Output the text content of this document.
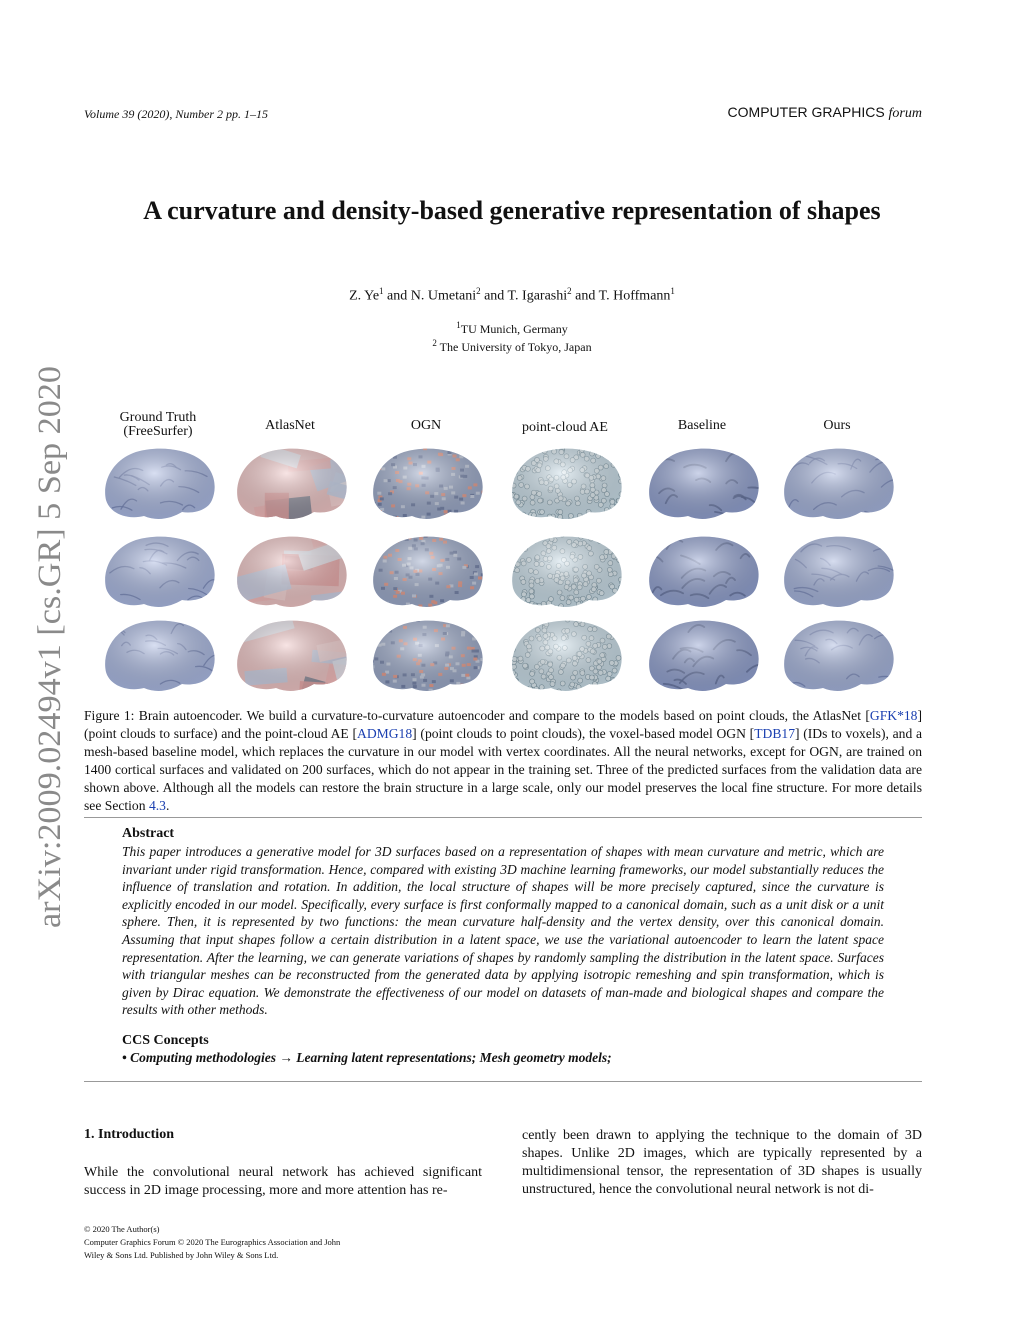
Volume 39 (2020), Number 2 pp. 1–15	COMPUTER GRAPHICS forum
A curvature and density-based generative representation of shapes
Z. Ye$^1$ and N. Umetani$^2$ and T. Igarashi$^2$ and T. Hoffmann$^1$
$^1$TU Munich, Germany
$^2$ The University of Tokyo, Japan
arXiv:2009.02494v1 [cs.GR] 5 Sep 2020	Ground Truth
(FreeSurfer)	AtlasNet	OGN	point-cloud AE	Baseline	Ours
Figure 1: Brain autoencoder. We build a curvature-to-curvature autoencoder and compare to the models based on point clouds, the AtlasNet [GFK*18] (point clouds to surface) and the point-cloud AE [ADMG18] (point clouds to point clouds), the voxel-based model OGN [TDB17] (IDs to voxels), and a mesh-based baseline model, which replaces the curvature in our model with vertex coordinates. All the neural networks, except for OGN, are trained on 1400 cortical surfaces and validated on 200 surfaces, which do not appear in the training set. Three of the predicted surfaces from the validation data are shown above. Although all the models can restore the brain structure in a large scale, only our model preserves the local fine structure. For more details see Section 4.3.
Abstract
This paper introduces a generative model for 3D surfaces based on a representation of shapes with mean curvature and metric, which are invariant under rigid transformation. Hence, compared with existing 3D machine learning frameworks, our model substantially reduces the influence of translation and rotation. In addition, the local structure of shapes will be more precisely captured, since the curvature is explicitly encoded in our model. Specifically, every surface is first conformally mapped to a canonical domain, such as a unit disk or a unit sphere. Then, it is represented by two functions: the mean curvature half-density and the vertex density, over this canonical domain. Assuming that input shapes follow a certain distribution in a latent space, we use the variational autoencoder to learn the latent space representation. After the learning, we can generate variations of shapes by randomly sampling the distribution in the latent space. Surfaces with triangular meshes can be reconstructed from the generated data by applying isotropic remeshing and spin transformation, which is given by Dirac equation. We demonstrate the effectiveness of our model on datasets of man-made and biological shapes and compare the results with other methods.
CCS Concepts
• Computing methodologies → Learning latent representations; Mesh geometry models;
1. Introduction
While the convolutional neural network has achieved significant success in 2D image processing, more and more attention has re-
cently been drawn to applying the technique to the domain of 3D shapes. Unlike 2D images, which are typically represented by a multidimensional tensor, the representation of 3D shapes is usually unstructured, hence the convolutional neural network is not di-
© 2020 The Author(s)
Computer Graphics Forum © 2020 The Eurographics Association and John
Wiley & Sons Ltd. Published by John Wiley & Sons Ltd.
